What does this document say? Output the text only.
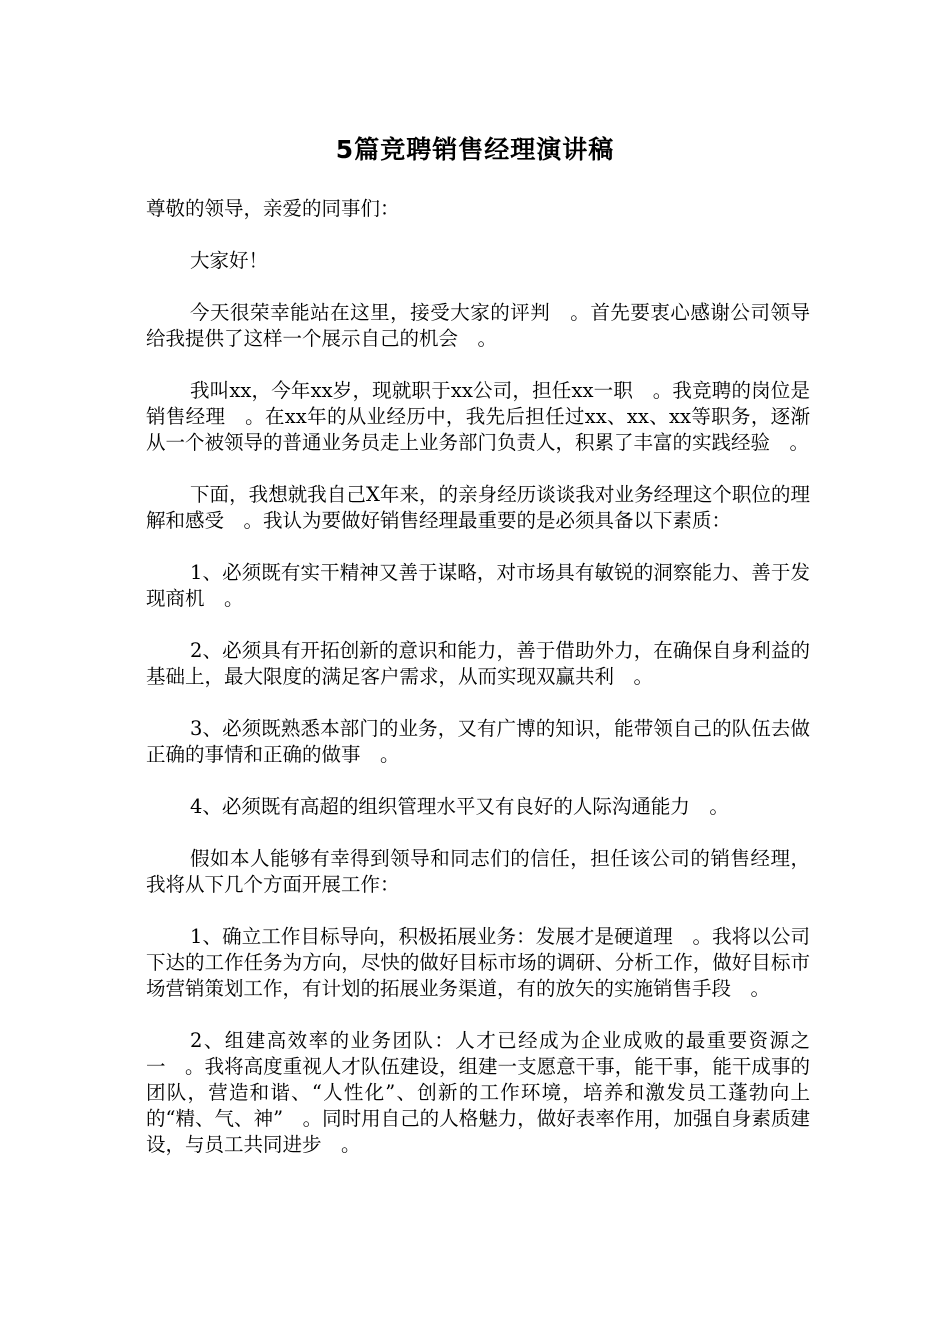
5篇竞聘销售经理演讲稿

尊敬的领导，亲爱的同事们：

大家好！

今天很荣幸能站在这里，接受大家的评判　。首先要衷心感谢公司领导给我提供了这样一个展示自己的机会　。

我叫xx，今年xx岁，现就职于xx公司，担任xx一职　。我竞聘的岗位是销售经理　。在xx年的从业经历中，我先后担任过xx、xx、xx等职务，逐渐从一个被领导的普通业务员走上业务部门负责人，积累了丰富的实践经验　。

下面，我想就我自己X年来，的亲身经历谈谈我对业务经理这个职位的理解和感受　。我认为要做好销售经理最重要的是必须具备以下素质：

1、必须既有实干精神又善于谋略，对市场具有敏锐的洞察能力、善于发现商机　。

2、必须具有开拓创新的意识和能力，善于借助外力，在确保自身利益的基础上，最大限度的满足客户需求，从而实现双赢共利　。

3、必须既熟悉本部门的业务，又有广博的知识，能带领自己的队伍去做正确的事情和正确的做事　。

4、必须既有高超的组织管理水平又有良好的人际沟通能力　。

假如本人能够有幸得到领导和同志们的信任，担任该公司的销售经理，我将从下几个方面开展工作：

1、确立工作目标导向，积极拓展业务：发展才是硬道理　。我将以公司下达的工作任务为方向，尽快的做好目标市场的调研、分析工作，做好目标市场营销策划工作，有计划的拓展业务渠道，有的放矢的实施销售手段　。

2、组建高效率的业务团队：人才已经成为企业成败的最重要资源之一　。我将高度重视人才队伍建设，组建一支愿意干事，能干事，能干成事的团队，营造和谐、“人性化”、创新的工作环境，培养和激发员工蓬勃向上的“精、气、神”　。同时用自己的人格魅力，做好表率作用，加强自身素质建设，与员工共同进步　。
